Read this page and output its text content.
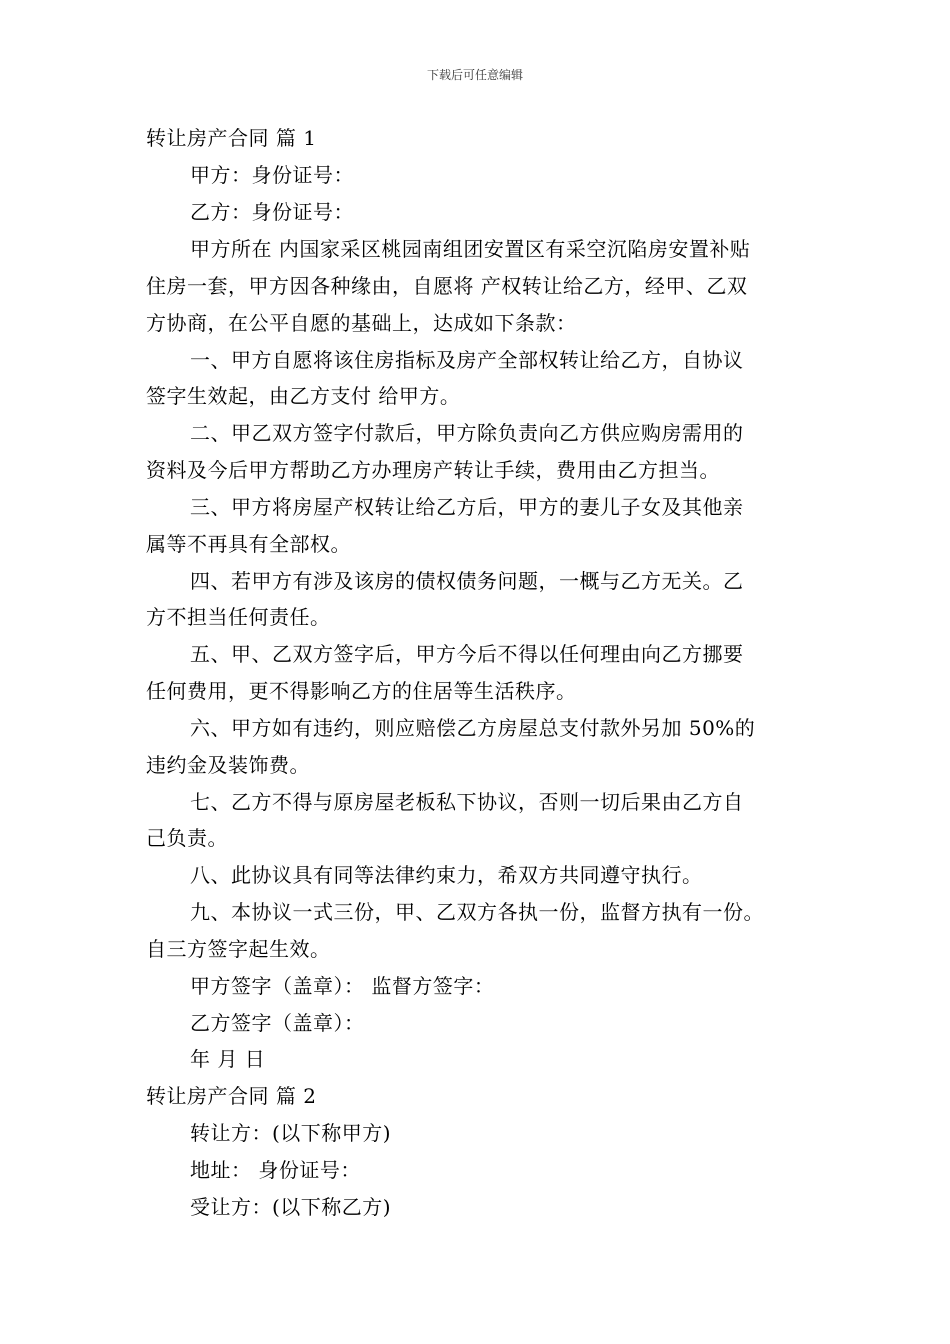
下载后可任意编辑
转让房产合同 篇 1
甲方：身份证号：
乙方：身份证号：
甲方所在 内国家采区桃园南组团安置区有采空沉陷房安置补贴
住房一套，甲方因各种缘由，自愿将 产权转让给乙方，经甲、乙双
方协商，在公平自愿的基础上，达成如下条款：
一、甲方自愿将该住房指标及房产全部权转让给乙方，自协议
签字生效起，由乙方支付 给甲方。
二、甲乙双方签字付款后，甲方除负责向乙方供应购房需用的
资料及今后甲方帮助乙方办理房产转让手续，费用由乙方担当。
三、甲方将房屋产权转让给乙方后，甲方的妻儿子女及其他亲
属等不再具有全部权。
四、若甲方有涉及该房的债权债务问题，一概与乙方无关。乙
方不担当任何责任。
五、甲、乙双方签字后，甲方今后不得以任何理由向乙方挪要
任何费用，更不得影响乙方的住居等生活秩序。
六、甲方如有违约，则应赔偿乙方房屋总支付款外另加 50%的
违约金及装饰费。
七、乙方不得与原房屋老板私下协议，否则一切后果由乙方自
己负责。
八、此协议具有同等法律约束力，希双方共同遵守执行。
九、本协议一式三份，甲、乙双方各执一份，监督方执有一份。
自三方签字起生效。
甲方签字（盖章）： 监督方签字：
乙方签字（盖章）：
年 月 日
转让房产合同 篇 2
转让方：(以下称甲方)
地址： 身份证号：
受让方：(以下称乙方)
